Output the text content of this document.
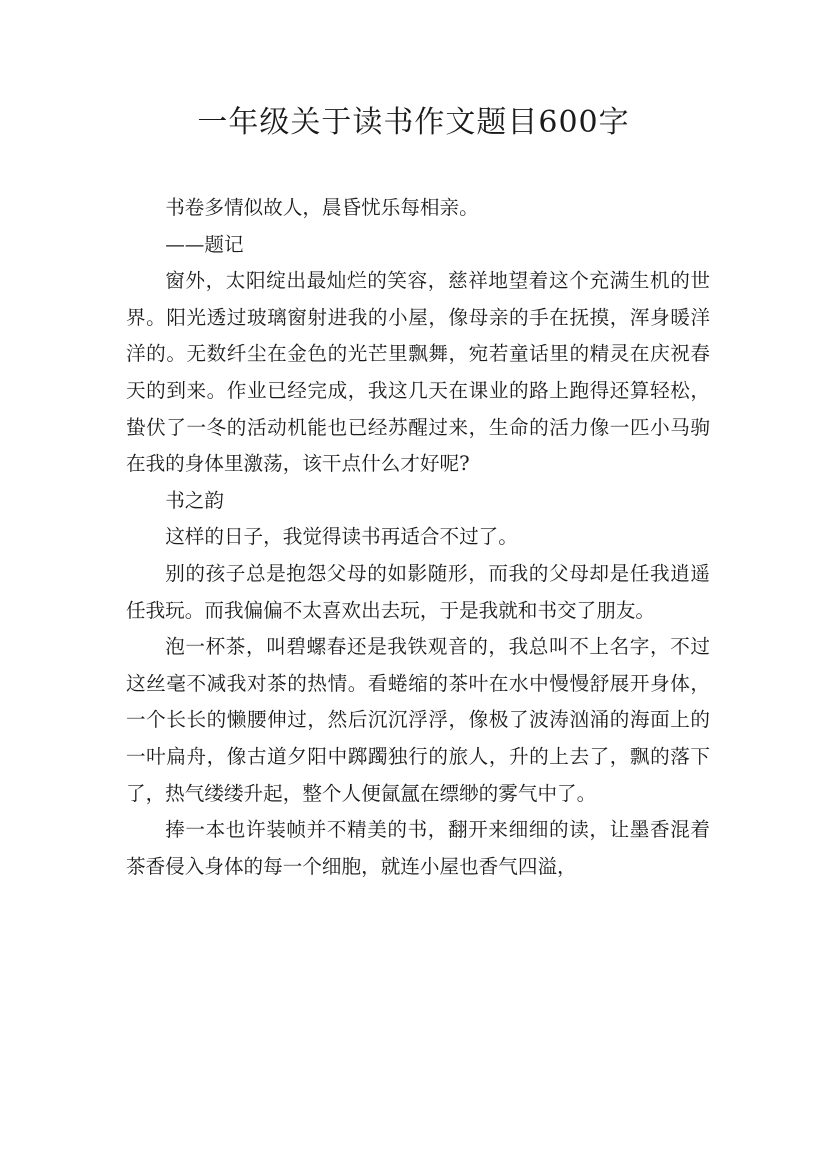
一年级关于读书作文题目600字

书卷多情似故人，晨昏忧乐每相亲。

——题记

窗外，太阳绽出最灿烂的笑容，慈祥地望着这个充满生机的世界。阳光透过玻璃窗射进我的小屋，像母亲的手在抚摸，浑身暖洋洋的。无数纤尘在金色的光芒里飘舞，宛若童话里的精灵在庆祝春天的到来。作业已经完成，我这几天在课业的路上跑得还算轻松，蛰伏了一冬的活动机能也已经苏醒过来，生命的活力像一匹小马驹在我的身体里激荡，该干点什么才好呢?

书之韵

这样的日子，我觉得读书再适合不过了。

别的孩子总是抱怨父母的如影随形，而我的父母却是任我逍遥任我玩。而我偏偏不太喜欢出去玩，于是我就和书交了朋友。

泡一杯茶，叫碧螺春还是我铁观音的，我总叫不上名字，不过这丝毫不减我对茶的热情。看蜷缩的茶叶在水中慢慢舒展开身体，一个长长的懒腰伸过，然后沉沉浮浮，像极了波涛汹涌的海面上的一叶扁舟，像古道夕阳中踯躅独行的旅人，升的上去了，飘的落下了，热气缕缕升起，整个人便氤氲在缥缈的雾气中了。

捧一本也许装帧并不精美的书，翻开来细细的读，让墨香混着茶香侵入身体的每一个细胞，就连小屋也香气四溢，
